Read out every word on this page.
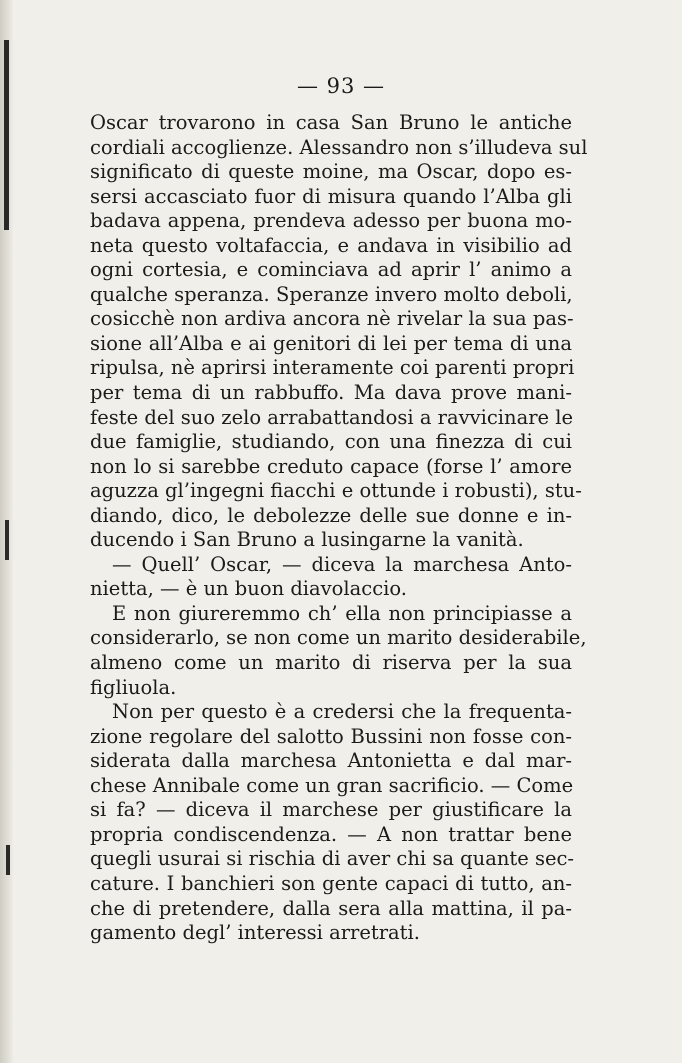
— 93 —
Oscar trovarono in casa San Bruno le antiche
cordiali accoglienze. Alessandro non s’illudeva sul
significato di queste moine, ma Oscar, dopo es-
sersi accasciato fuor di misura quando l’Alba gli
badava appena, prendeva adesso per buona mo-
neta questo voltafaccia, e andava in visibilio ad
ogni cortesia, e cominciava ad aprir l’ animo a
qualche speranza. Speranze invero molto deboli,
cosicchè non ardiva ancora nè rivelar la sua pas-
sione all’Alba e ai genitori di lei per tema di una
ripulsa, nè aprirsi interamente coi parenti propri
per tema di un rabbuffo. Ma dava prove mani-
feste del suo zelo arrabattandosi a ravvicinare le
due famiglie, studiando, con una finezza di cui
non lo si sarebbe creduto capace (forse l’ amore
aguzza gl’ingegni fiacchi e ottunde i robusti), stu-
diando, dico, le debolezze delle sue donne e in-
ducendo i San Bruno a lusingarne la vanità.
— Quell’ Oscar, — diceva la marchesa Anto-
nietta, — è un buon diavolaccio.
E non giureremmo ch’ ella non principiasse a
considerarlo, se non come un marito desiderabile,
almeno come un marito di riserva per la sua
figliuola.
Non per questo è a credersi che la frequenta-
zione regolare del salotto Bussini non fosse con-
siderata dalla marchesa Antonietta e dal mar-
chese Annibale come un gran sacrificio. — Come
si fa? — diceva il marchese per giustificare la
propria condiscendenza. — A non trattar bene
quegli usurai si rischia di aver chi sa quante sec-
cature. I banchieri son gente capaci di tutto, an-
che di pretendere, dalla sera alla mattina, il pa-
gamento degl’ interessi arretrati.
